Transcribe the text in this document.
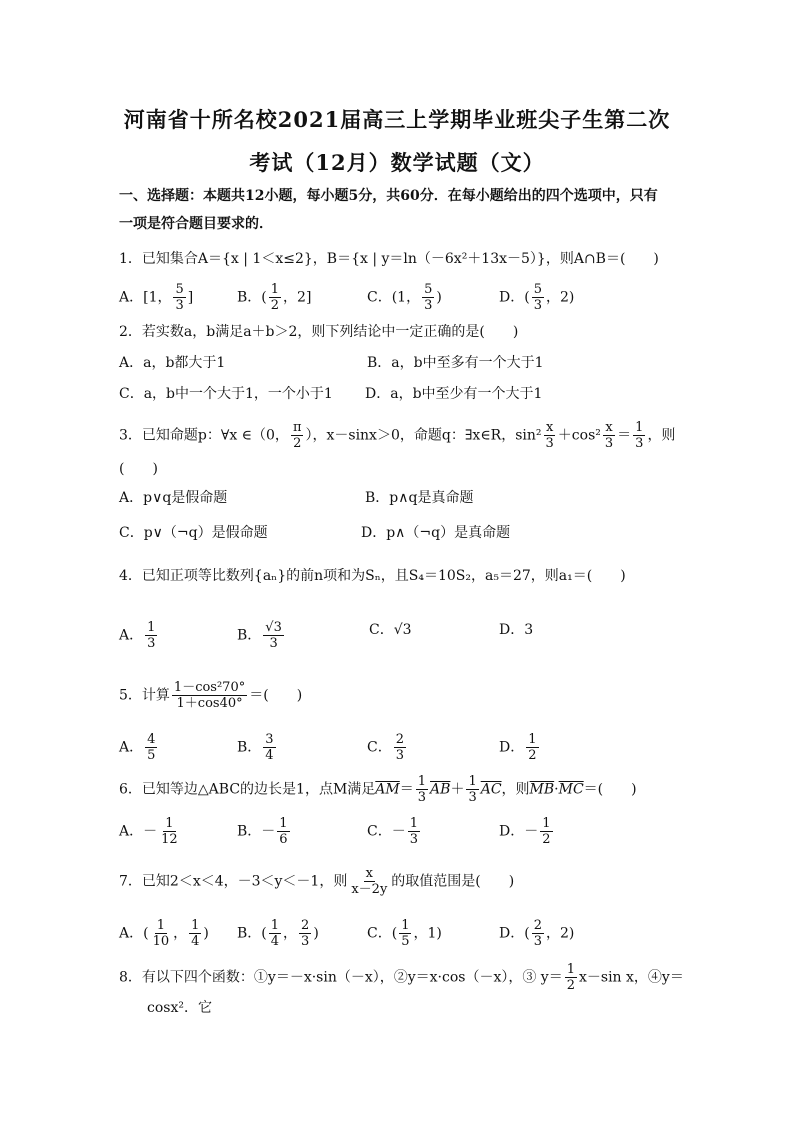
河南省十所名校2021届高三上学期毕业班尖子生第二次
考试（12月）数学试题（文）
一、选择题：本题共12小题，每小题5分，共60分．在每小题给出的四个选项中，只有
一项是符合题目要求的．
1．已知集合A＝{x | 1＜x≤2}，B＝{x | y＝ln（－6x²＋13x－5）}，则A∩B＝(　　)
A．[1， $\frac{5}{3}$ ]	B．( $\frac{1}{2}$ ，2]	C．(1， $\frac{5}{3}$ )	D．( $\frac{5}{3}$ ，2)
2．若实数a，b满足a＋b＞2，则下列结论中一定正确的是(　　)
A．a，b都大于1	B．a，b中至多有一个大于1
C．a，b中一个大于1，一个小于1 D．a，b中至少有一个大于1
3．已知命题p：∀x ∈（0， $\frac{\pi}{2}$ ），x－sinx＞0，命题q：∃x∈R，$\sin^2 \frac{x}{3} +\cos^2 \frac{x}{3} = \frac{1}{3}$ ，则
(　　)
A．p∨q是假命题	B．p∧q是真命题
C．p∨（¬q）是假命题	D．p∧（¬q）是真命题
4．已知正项等比数列{aₙ}的前n项和为Sₙ，且S₄＝10S₂，a₅＝27，则a₁＝(　　)
A． $\frac{1}{3}$	B． $\frac{√3}{3}$	C．√3	D．3
5．计算 $\frac{\text{1－cos²70°}}{1+\cos 40^\circ}$ ＝(　　)
A． $\frac{4}{5}$	B． $\frac{3}{4}$	C． $\frac{2}{3}$	D． $\frac{1}{2}$
6．已知等边△ABC的边长是1，点M满足$\overline{AM}= \frac{1}{3} \overline{AB}+ \frac{1}{3} \overline{AC}$，则$\overline{MB}\cdot\overline{MC}=$(　　)
A．－ $\frac{1}{12}$	B．－ $\frac{1}{6}$	C．－ $\frac{1}{3}$	D．－ $\frac{1}{2}$
7．已知2＜x＜4，－3＜y＜－1，则 $\frac{x}{x-2y}$ 的取值范围是(　　)
A．( $\frac{1}{10}$ ， $\frac{1}{4}$ ) B．( $\frac{1}{4}$ ， $\frac{2}{3}$ )	C．( $\frac{1}{5}$ ，1)	D．( $\frac{2}{3}$ ，2)
8．有以下四个函数：①y＝－x·sin（－x），②y＝x·cos（－x），③ $y= \frac{1}{2} x-\sin$ x，④y＝
cosx²．它
